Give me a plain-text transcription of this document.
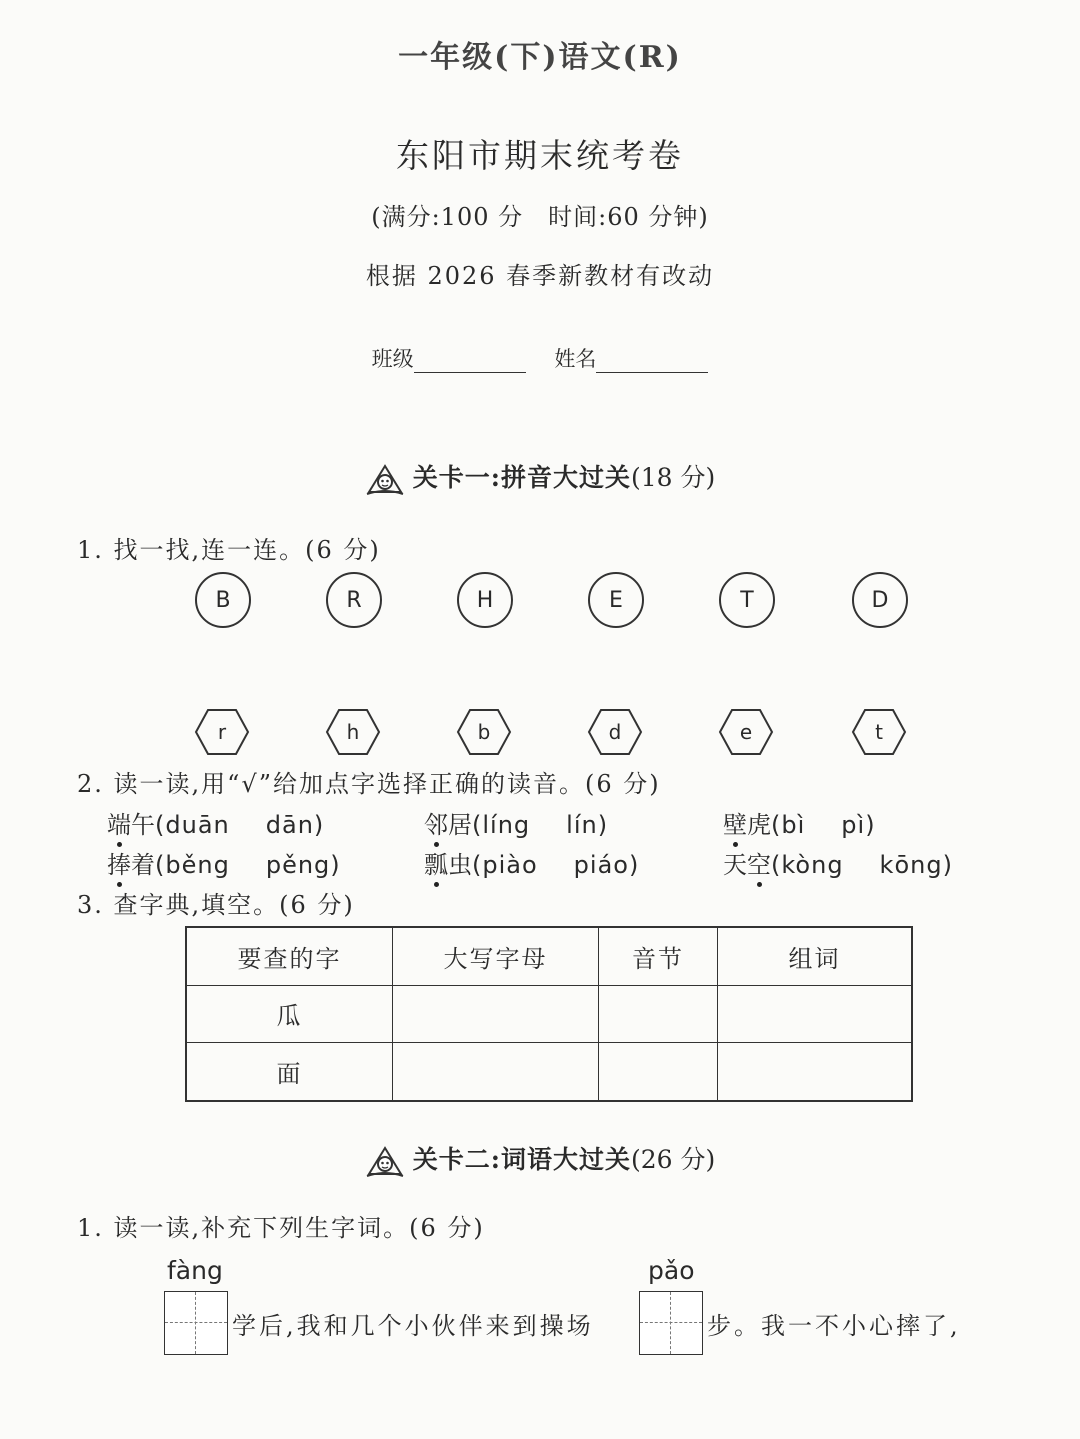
一年级(下)语文(R)
东阳市期末统考卷
(满分:100 分　时间:60 分钟)
根据 2026 春季新教材有改动
班级	姓名
关卡一:拼音大过关(18 分)
1. 找一找,连一连。(6 分)
B	R	H	E	T	D
r	h	b	d	e	t
2. 读一读,用“√”给加点字选择正确的读音。(6 分)
端午(duān dān)	邻居(líng lín)	壁虎(bì pì)
捧着(běng pěng)	瓢虫(piào piáo)	天空(kòng kōng)
3. 查字典,填空。(6 分)
要查的字	大写字母	音节	组词
瓜			
面			
关卡二:词语大过关(26 分)
1. 读一读,补充下列生字词。(6 分)
fàng	pǎo
学后,我和几个小伙伴来到操场	步。我一不小心摔了,
